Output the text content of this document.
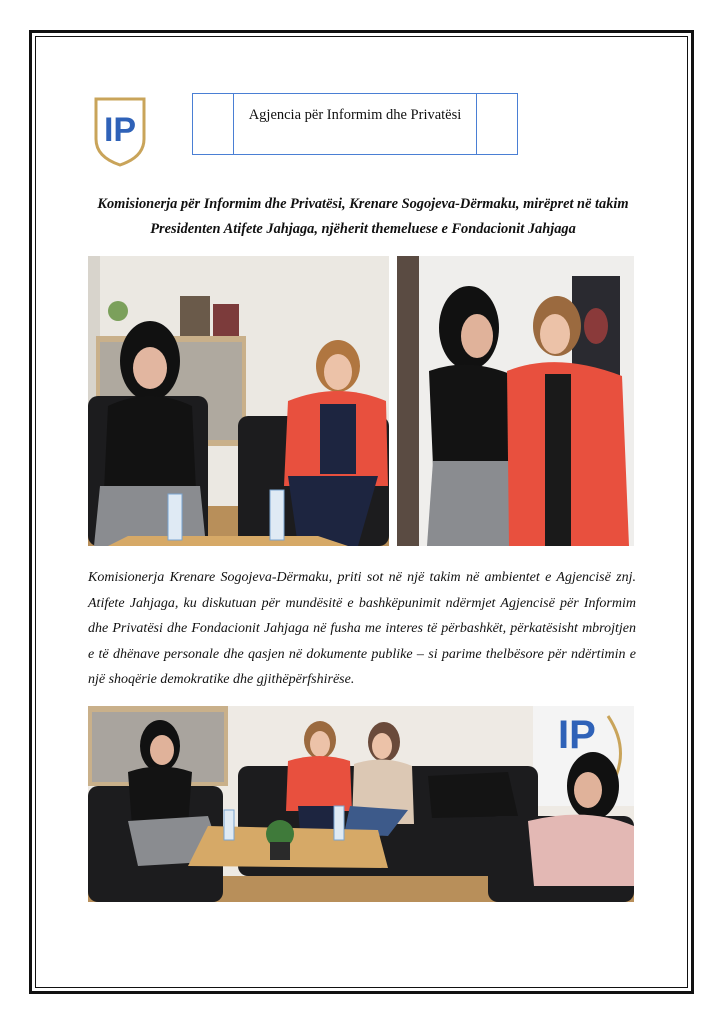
IP	Agjencia për Informim dhe Privatësi
Komisionerja për Informim dhe Privatësi, Krenare Sogojeva-Dërmaku, mirëpret në takim Presidenten Atifete Jahjaga, njëherit themeluese e Fondacionit Jahjaga
Komisionerja Krenare Sogojeva-Dërmaku, priti sot në një takim në ambientet e Agjencisë znj. Atifete Jahjaga, ku diskutuan për mundësitë e bashkëpunimit ndërmjet Agjencisë për Informim dhe Privatësi dhe Fondacionit Jahjaga në fusha me interes të përbashkët, përkatësisht mbrojtjen e të dhënave personale dhe qasjen në dokumente publike – si parime thelbësore për ndërtimin e një shoqërie demokratike dhe gjithëpërfshirëse.
IP
